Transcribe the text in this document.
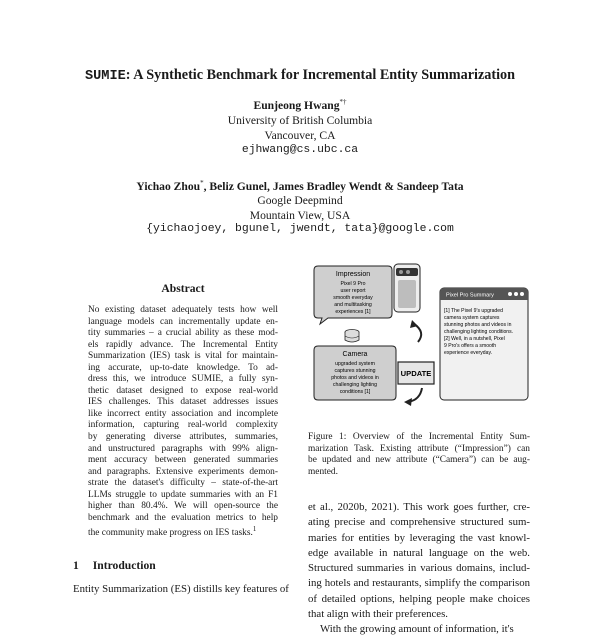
SUMIE: A Synthetic Benchmark for Incremental Entity Summarization
Eunjeong Hwang*†
University of British Columbia
Vancouver, CA
ejhwang@cs.ubc.ca
Yichao Zhou*, Beliz Gunel, James Bradley Wendt & Sandeep Tata
Google Deepmind
Mountain View, USA
{yichaojoey, bgunel, jwendt, tata}@google.com
Abstract
No existing dataset adequately tests how well
language models can incrementally update en-
tity summaries – a crucial ability as these mod-
els rapidly advance. The Incremental Entity
Summarization (IES) task is vital for maintain-
ing accurate, up-to-date knowledge. To ad-
dress this, we introduce SUMIE, a fully syn-
thetic dataset designed to expose real-world
IES challenges. This dataset addresses issues
like incorrect entity association and incomplete
information, capturing real-world complexity
by generating diverse attributes, summaries,
and unstructured paragraphs with 99% align-
ment accuracy between generated summaries
and paragraphs. Extensive experiments demon-
strate the dataset's difficulty – state-of-the-art
LLMs struggle to update summaries with an F1
higher than 80.4%. We will open-source the
benchmark and the evaluation metrics to help
the community make progress on IES tasks.$^1$
1 Introduction
Entity Summarization (ES) distills key features of
Impression
Pixel 9 Pro
user report
smooth everyday
and multitasking
experiences [1]
Camera
upgraded system
captures stunning
photos and videos in
challenging lighting
conditions [1]
UPDATE
Pixel Pro Summary
[1] The Pixel 9's upgraded
camera system captures
stunning photos and videos in
challenging lighting conditions.
[2] Well, in a nutshell, Pixel
9 Pro's offers a smooth
experience everyday.
Figure 1: Overview of the Incremental Entity Sum-
marization Task. Existing attribute (“Impression”) can
be updated and new attribute (“Camera”) can be aug-
mented.
et al., 2020b, 2021). This work goes further, cre-
ating precise and comprehensive structured sum-
maries for entities by leveraging the vast knowl-
edge available in natural language on the web.
Structured summaries in various domains, includ-
ing hotels and restaurants, simplify the comparison
of detailed options, helping people make choices
that align with their preferences.
With the growing amount of information, it's
